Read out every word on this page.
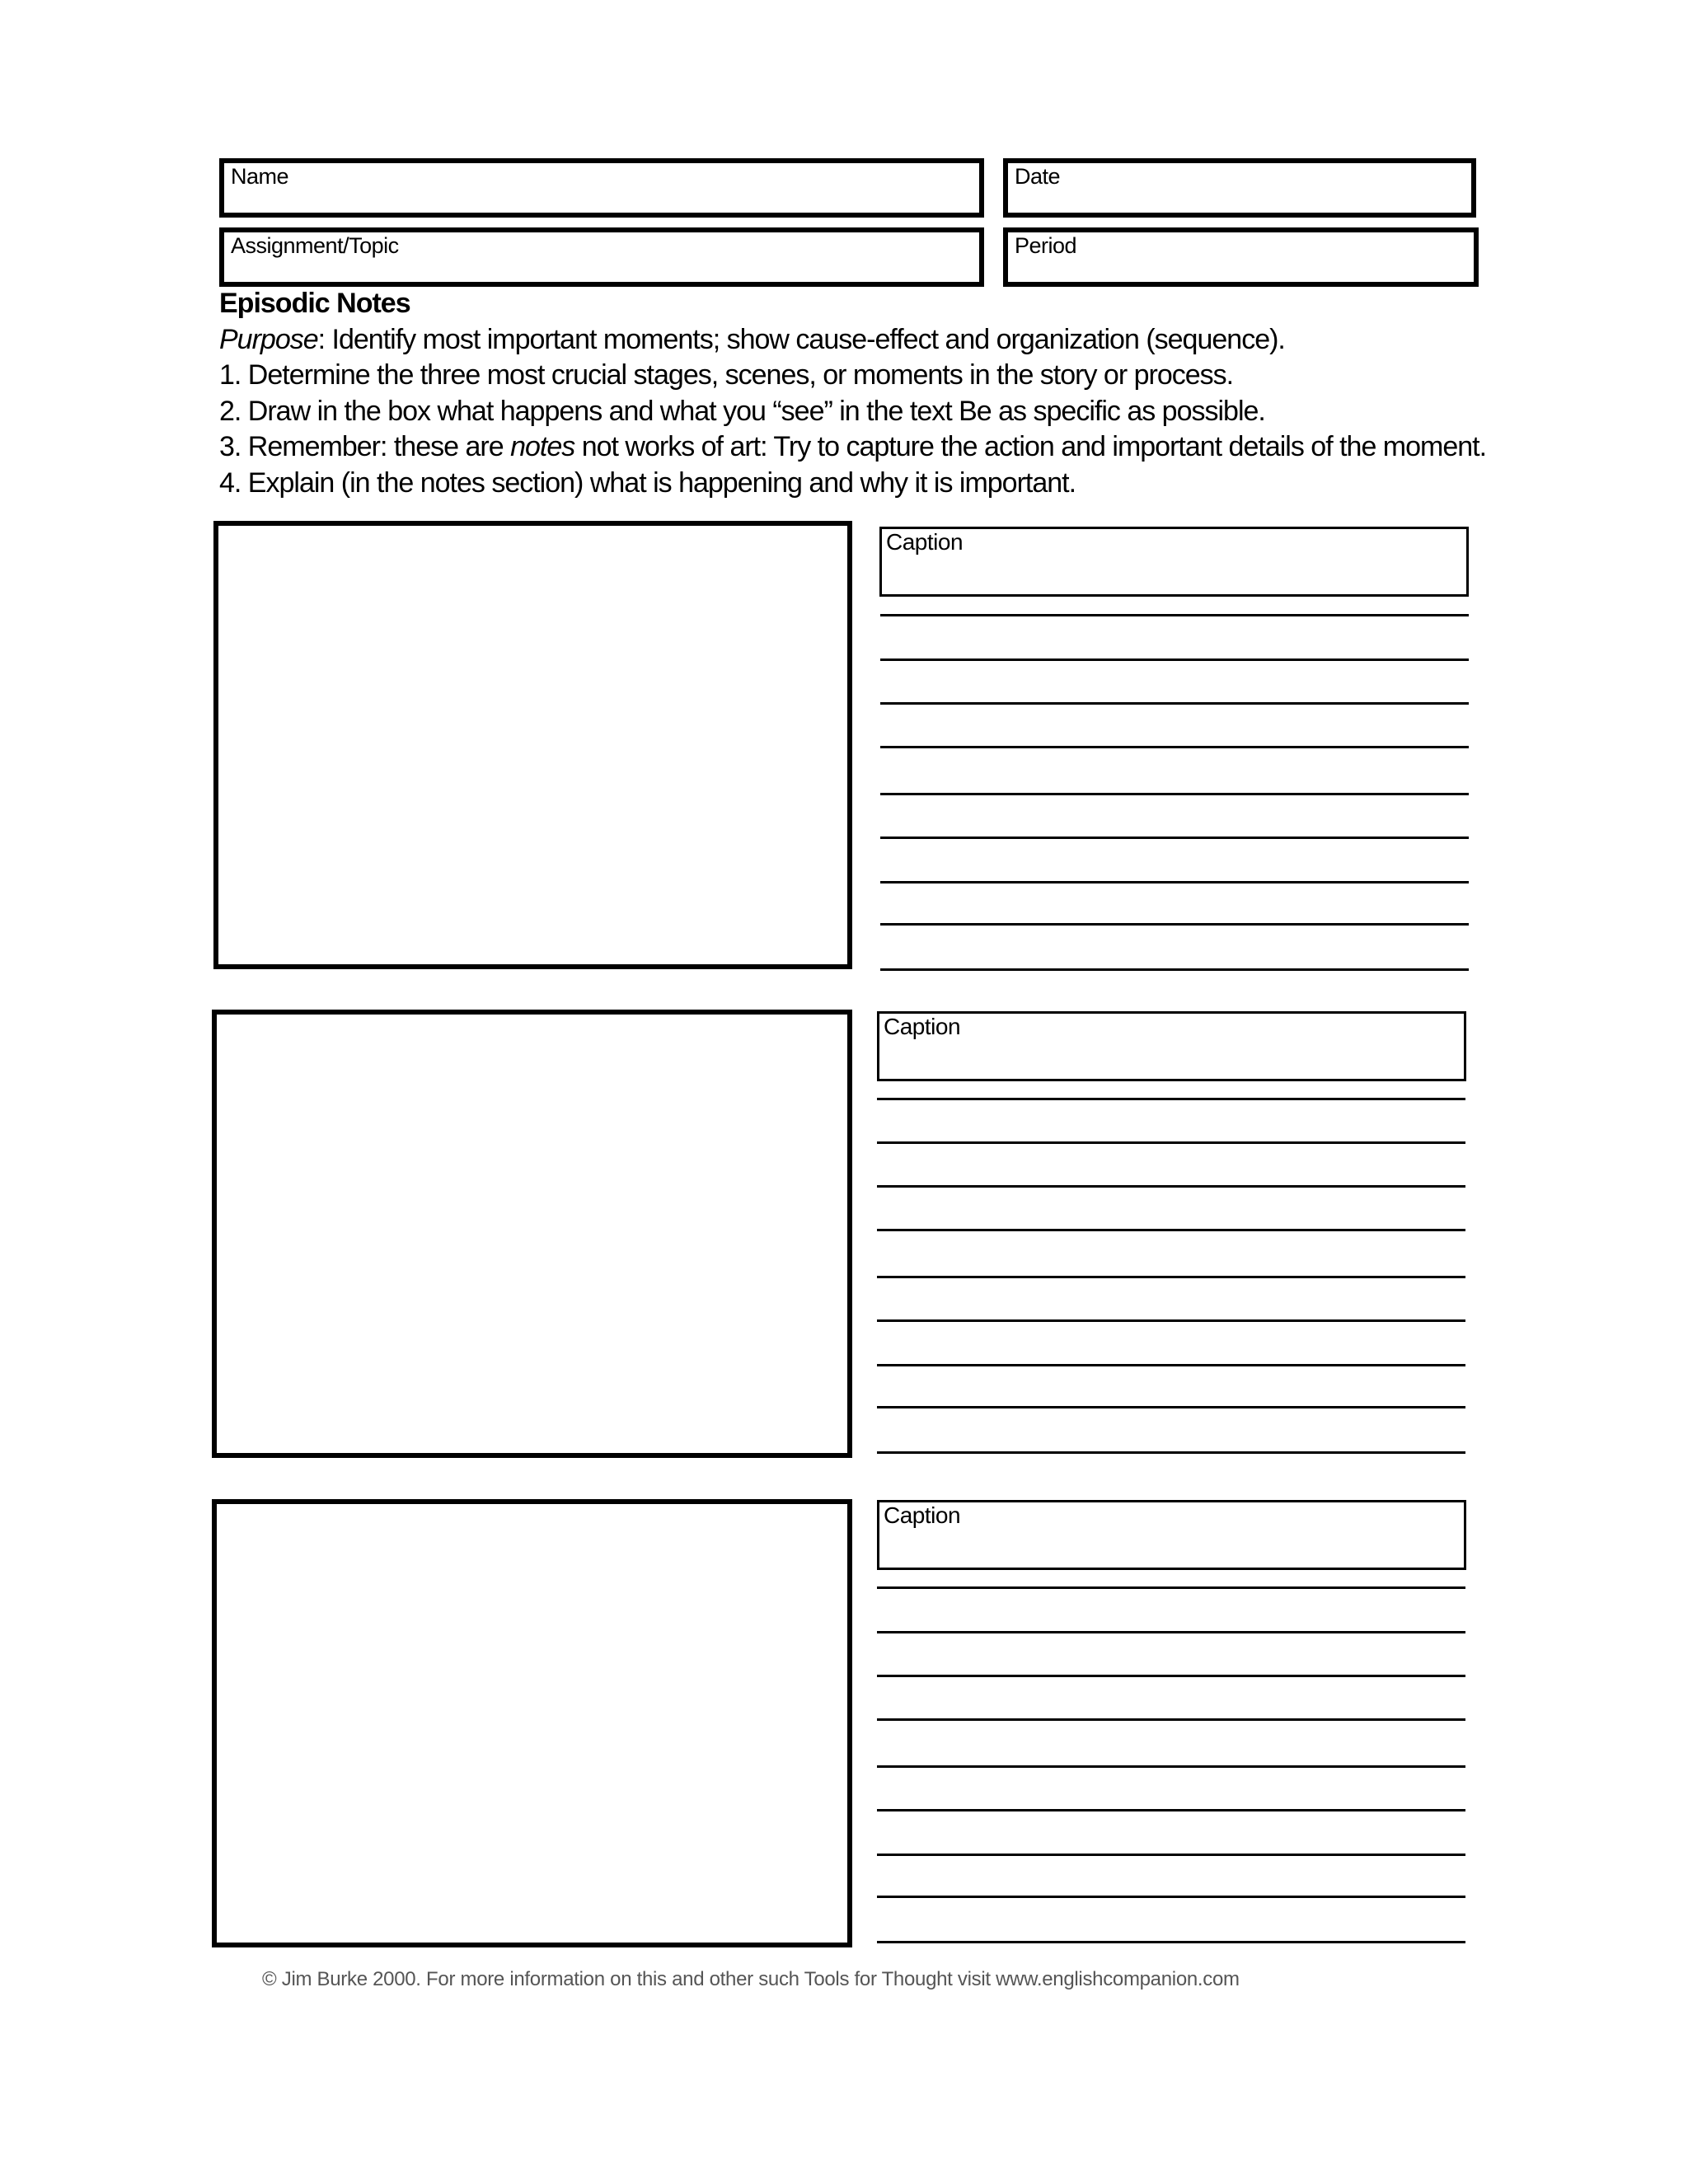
Name	Date
Assignment/Topic	Period
Episodic Notes
Purpose: Identify most important moments; show cause-effect and organization (sequence).
1. Determine the three most crucial stages, scenes, or moments in the story or process.
2. Draw in the box what happens and what you “see” in the text Be as specific as possible.
3. Remember: these are notes not works of art: Try to capture the action and important details of the moment.
4. Explain (in the notes section) what is happening and why it is important.
Caption
Caption
Caption
© Jim Burke 2000. For more information on this and other such Tools for Thought visit www.englishcompanion.com
